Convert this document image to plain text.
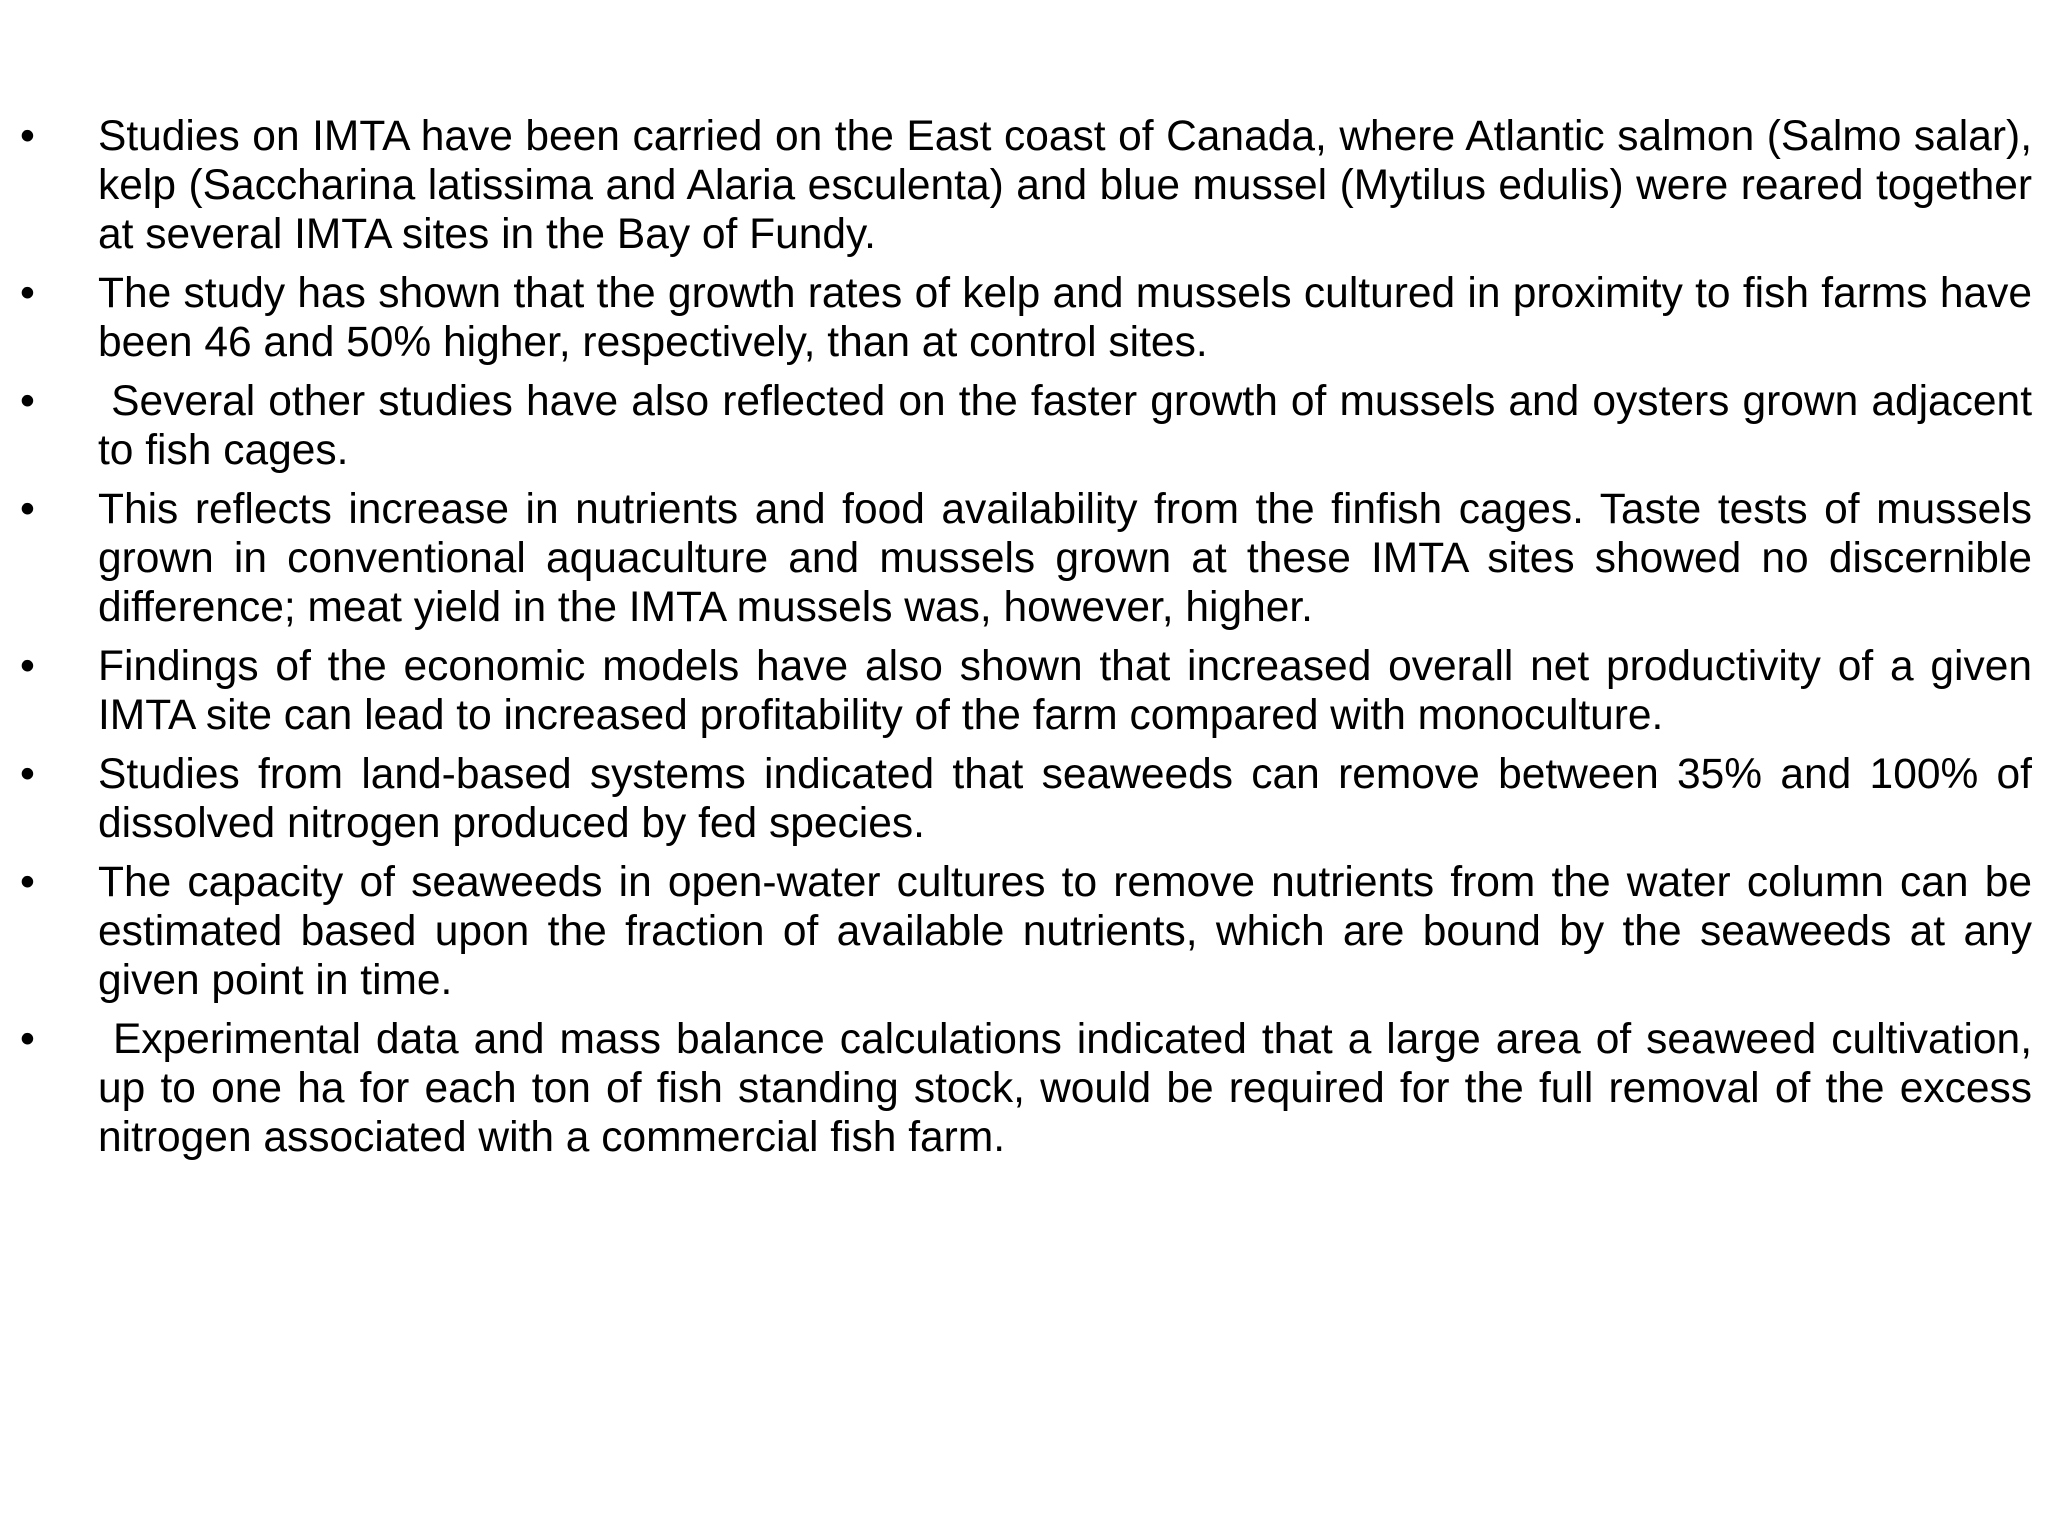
•	Studies on IMTA have been carried on the East coast of Canada, where Atlantic salmon (Salmo salar), kelp (Saccharina latissima and Alaria esculenta) and blue mussel (Mytilus edulis) were reared together at several IMTA sites in the Bay of Fundy.
•	The study has shown that the growth rates of kelp and mussels cultured in proximity to fish farms have been 46 and 50% higher, respectively, than at control sites.
•	Several other studies have also reflected on the faster growth of mussels and oysters grown adjacent to fish cages.
•	This reflects increase in nutrients and food availability from the finfish cages. Taste tests of mussels grown in conventional aquaculture and mussels grown at these IMTA sites showed no discernible difference; meat yield in the IMTA mussels was, however, higher.
•	Findings of the economic models have also shown that increased overall net productivity of a given IMTA site can lead to increased profitability of the farm compared with monoculture.
•	Studies from land-based systems indicated that seaweeds can remove between 35% and 100% of dissolved nitrogen produced by fed species.
•	The capacity of seaweeds in open-water cultures to remove nutrients from the water column can be estimated based upon the fraction of available nutrients, which are bound by the seaweeds at any given point in time.
•	Experimental data and mass balance calculations indicated that a large area of seaweed cultivation, up to one ha for each ton of fish standing stock, would be required for the full removal of the excess nitrogen associated with a commercial fish farm.
